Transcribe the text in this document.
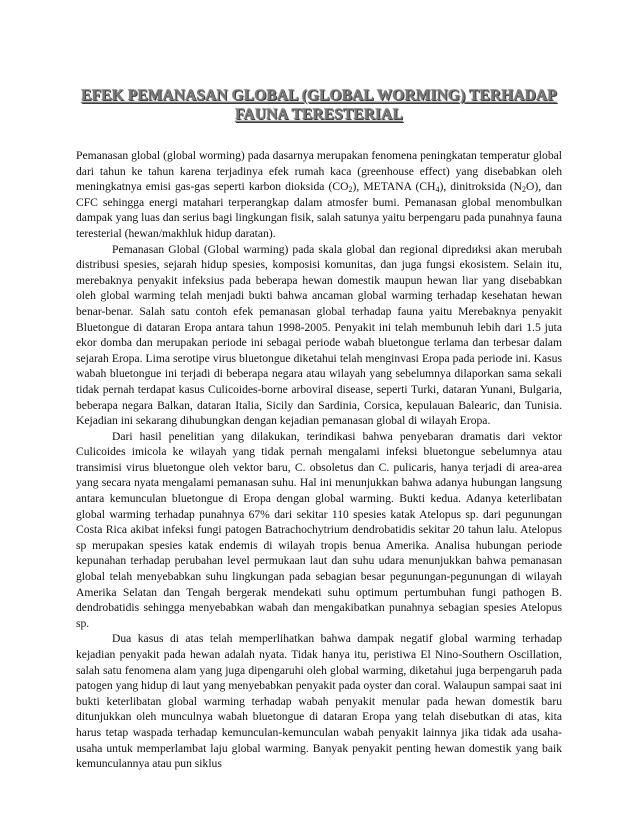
EFEK PEMANASAN GLOBAL (GLOBAL WORMING) TERHADAP
FAUNA TERESTERIAL

Pemanasan global (global worming) pada dasarnya merupakan fenomena peningkatan temperatur global dari tahun ke tahun karena terjadinya efek rumah kaca (greenhouse effect) yang disebabkan oleh meningkatnya emisi gas-gas seperti karbon dioksida $(CO_2)$, METANA $(CH_4)$, dinitroksida $(N_2O)$, dan CFC sehingga energi matahari terperangkap dalam atmosfer bumi. Pemanasan global menombulkan dampak yang luas dan serius bagi lingkungan fisik, salah satunya yaitu berpengaru pada punahnya fauna teresterial (hewan/makhluk hidup daratan).

Pemanasan Global (Global warming) pada skala global dan regional dipredиksi akan merubah distribusi spesies, sejarah hidup spesies, komposisi komunitas, dan juga fungsi ekosistem. Selain itu, merebaknya penyakit infeksius pada beberapa hewan domestik maupun hewan liar yang disebabkan oleh global warming telah menjadi bukti bahwa ancaman global warming terhadap kesehatan hewan benar-benar. Salah satu contoh efek pemanasan global terhadap fauna yaitu Merebaknya penyakit Bluetongue di dataran Eropa antara tahun 1998-2005. Penyakit ini telah membunuh lebih dari 1.5 juta ekor domba dan merupakan periode ini sebagai periode wabah bluetongue terlama dan terbesar dalam sejarah Eropa. Lima serotipe virus bluetongue diketahui telah menginvasi Eropa pada periode ini. Kasus wabah bluetongue ini terjadi di beberapa negara atau wilayah yang sebelumnya dilaporkan sama sekali tidak pernah terdapat kasus Culicoides-borne arboviral disease, seperti Turki, dataran Yunani, Bulgaria, beberapa negara Balkan, dataran Italia, Sicily dan Sardinia, Corsica, kepulauan Balearic, dan Tunisia. Kejadian ini sekarang dihubungkan dengan kejadian pemanasan global di wilayah Eropa.

Dari hasil penelitian yang dilakukan, terindikasi bahwa penyebaran dramatis dari vektor Culicoides imicola ke wilayah yang tidak pernah mengalami infeksi bluetongue sebelumnya atau transimisi virus bluetongue oleh vektor baru, C. obsoletus dan C. pulicaris, hanya terjadi di area-area yang secara nyata mengalami pemanasan suhu. Hal ini menunjukkan bahwa adanya hubungan langsung antara kemunculan bluetongue di Eropa dengan global warming. Bukti kedua. Adanya keterlibatan global warming terhadap punahnya 67% dari sekitar 110 spesies katak Atelopus sp. dari pegunungan Costa Rica akibat infeksi fungi patogen Batrachochytrium dendrobatidis sekitar 20 tahun lalu. Atelopus sp merupakan spesies katak endemis di wilayah tropis benua Amerika. Analisa hubungan periode kepunahan terhadap perubahan level permukaan laut dan suhu udara menunjukkan bahwa pemanasan global telah menyebabkan suhu lingkungan pada sebagian besar pegunungan-pegunungan di wilayah Amerika Selatan dan Tengah bergerak mendekati suhu optimum pertumbuhan fungi pathogen B. dendrobatidis sehingga menyebabkan wabah dan mengakibatkan punahnya sebagian spesies Atelopus sp.

Dua kasus di atas telah memperlihatkan bahwa dampak negatif global warming terhadap kejadian penyakit pada hewan adalah nyata. Tidak hanya itu, peristiwa El Nino-Southern Oscillation, salah satu fenomena alam yang juga dipengaruhi oleh global warming, diketahui juga berpengaruh pada patogen yang hidup di laut yang menyebabkan penyakit pada oyster dan coral. Walaupun sampai saat ini bukti keterlibatan global warming terhadap wabah penyakit menular pada hewan domestik baru ditunjukkan oleh munculnya wabah bluetongue di dataran Eropa yang telah disebutkan di atas, kita harus tetap waspada terhadap kemunculan-kemunculan wabah penyakit lainnya jika tidak ada usaha-usaha untuk memperlambat laju global warming. Banyak penyakit penting hewan domestik yang baik kemunculannya atau pun siklus
